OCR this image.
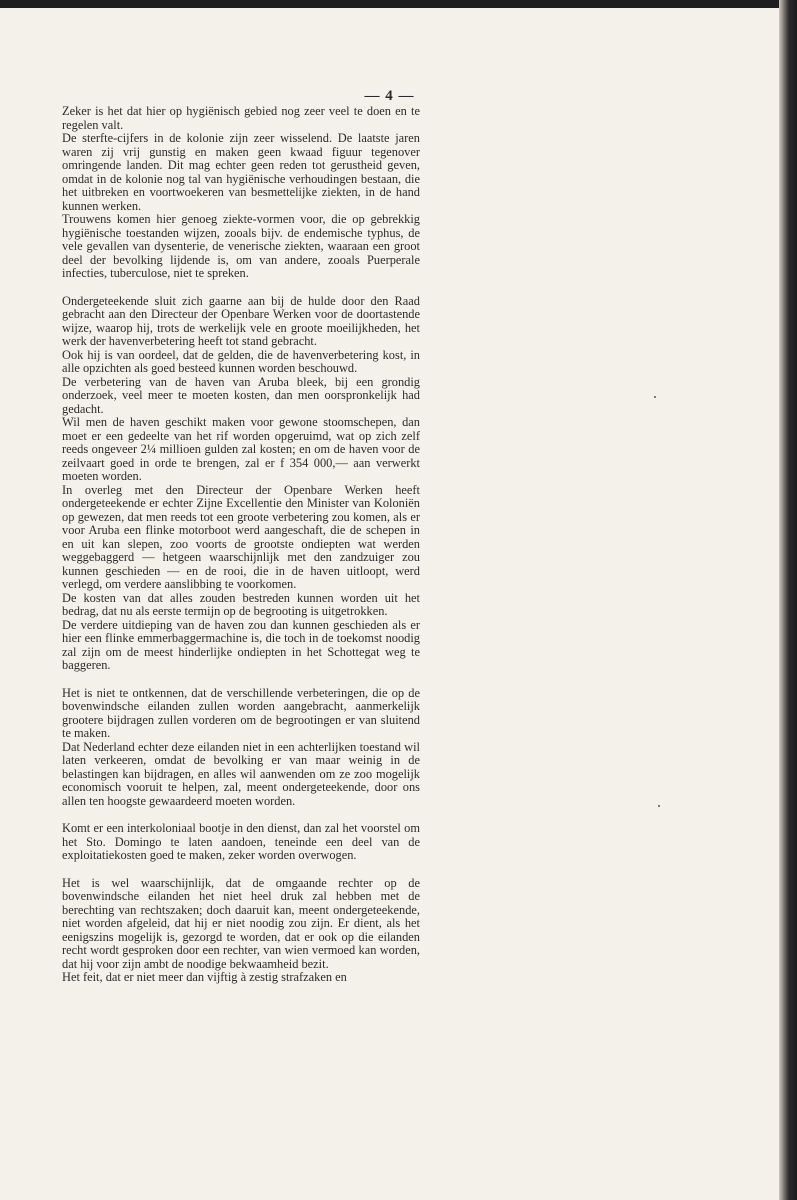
— 4 —

Zeker is het dat hier op hygiënisch gebied nog zeer veel te doen en te regelen valt.

De sterfte-cijfers in de kolonie zijn zeer wisselend. De laatste jaren waren zij vrij gunstig en maken geen kwaad figuur tegenover omringende landen. Dit mag echter geen reden tot gerustheid geven, omdat in de kolonie nog tal van hygiënische verhoudingen bestaan, die het uitbreken en voortwoekeren van besmettelijke ziekten, in de hand kunnen werken.

Trouwens komen hier genoeg ziekte-vormen voor, die op gebrekkig hygiënische toestanden wijzen, zooals bijv. de endemische typhus, de vele gevallen van dysenterie, de venerische ziekten, waaraan een groot deel der bevolking lijdende is, om van andere, zooals Puerperale infecties, tuberculose, niet te spreken.

Ondergeteekende sluit zich gaarne aan bij de hulde door den Raad gebracht aan den Directeur der Openbare Werken voor de doortastende wijze, waarop hij, trots de werkelijk vele en groote moeilijkheden, het werk der havenverbetering heeft tot stand gebracht.

Ook hij is van oordeel, dat de gelden, die de havenverbetering kost, in alle opzichten als goed besteed kunnen worden beschouwd.

De verbetering van de haven van Aruba bleek, bij een grondig onderzoek, veel meer te moeten kosten, dan men oorspronkelijk had gedacht.

Wil men de haven geschikt maken voor gewone stoomschepen, dan moet er een gedeelte van het rif worden opgeruimd, wat op zich zelf reeds ongeveer 2¼ millioen gulden zal kosten; en om de haven voor de zeilvaart goed in orde te brengen, zal er f 354 000,— aan verwerkt moeten worden.

In overleg met den Directeur der Openbare Werken heeft ondergeteekende er echter Zijne Excellentie den Minister van Koloniën op gewezen, dat men reeds tot een groote verbetering zou komen, als er voor Aruba een flinke motorboot werd aangeschaft, die de schepen in en uit kan slepen, zoo voorts de grootste ondiepten wat werden weggebaggerd — hetgeen waarschijnlijk met den zandzuiger zou kunnen geschieden — en de rooi, die in de haven uitloopt, werd verlegd, om verdere aanslibbing te voorkomen.

De kosten van dat alles zouden bestreden kunnen worden uit het bedrag, dat nu als eerste termijn op de begrooting is uitgetrokken.

De verdere uitdieping van de haven zou dan kunnen geschieden als er hier een flinke emmerbaggermachine is, die toch in de toekomst noodig zal zijn om de meest hinderlijke ondiepten in het Schottegat weg te baggeren.

Het is niet te ontkennen, dat de verschillende verbeteringen, die op de bovenwindsche eilanden zullen worden aangebracht, aanmerkelijk grootere bijdragen zullen vorderen om de begrootingen er van sluitend te maken.

Dat Nederland echter deze eilanden niet in een achterlijken toestand wil laten verkeeren, omdat de bevolking er van maar weinig in de belastingen kan bijdragen, en alles wil aanwenden om ze zoo mogelijk economisch vooruit te helpen, zal, meent ondergeteekende, door ons allen ten hoogste gewaardeerd moeten worden.

Komt er een interkoloniaal bootje in den dienst, dan zal het voorstel om het Sto. Domingo te laten aandoen, teneinde een deel van de exploitatiekosten goed te maken, zeker worden overwogen.

Het is wel waarschijnlijk, dat de omgaande rechter op de bovenwindsche eilanden het niet heel druk zal hebben met de berechting van rechtszaken; doch daaruit kan, meent ondergeteekende, niet worden afgeleid, dat hij er niet noodig zou zijn. Er dient, als het eenigszins mogelijk is, gezorgd te worden, dat er ook op die eilanden recht wordt gesproken door een rechter, van wien vermoed kan worden, dat hij voor zijn ambt de noodige bekwaamheid bezit.

Het feit, dat er niet meer dan vijftig à zestig strafzaken en
